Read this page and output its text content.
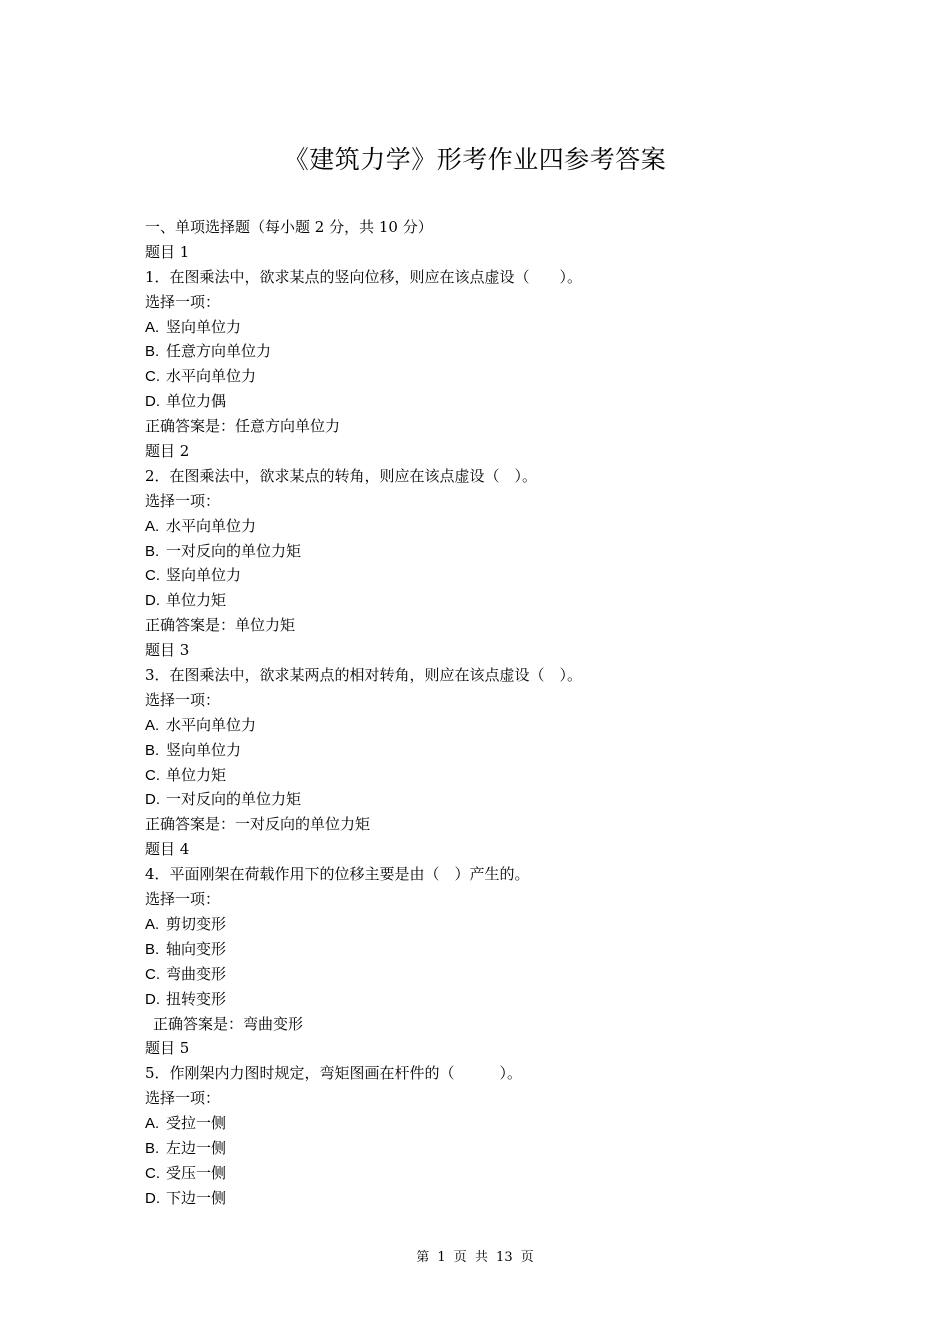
《建筑力学》形考作业四参考答案
一、单项选择题（每小题 2 分，共 10 分）
题目 1
1．在图乘法中，欲求某点的竖向位移，则应在该点虚设（　　）。
选择一项：
A. 竖向单位力
B. 任意方向单位力
C. 水平向单位力
D. 单位力偶
正确答案是：任意方向单位力
题目 2
2．在图乘法中，欲求某点的转角，则应在该点虚设（　）。
选择一项：
A. 水平向单位力
B. 一对反向的单位力矩
C. 竖向单位力
D. 单位力矩
正确答案是：单位力矩
题目 3
3．在图乘法中，欲求某两点的相对转角，则应在该点虚设（　）。
选择一项：
A. 水平向单位力
B. 竖向单位力
C. 单位力矩
D. 一对反向的单位力矩
正确答案是：一对反向的单位力矩
题目 4
4．平面刚架在荷载作用下的位移主要是由（　）产生的。
选择一项：
A. 剪切变形
B. 轴向变形
C. 弯曲变形
D. 扭转变形
正确答案是：弯曲变形
题目 5
5．作刚架内力图时规定，弯矩图画在杆件的（　　　）。
选择一项：
A. 受拉一侧
B. 左边一侧
C. 受压一侧
D. 下边一侧
第 1 页 共 13 页
